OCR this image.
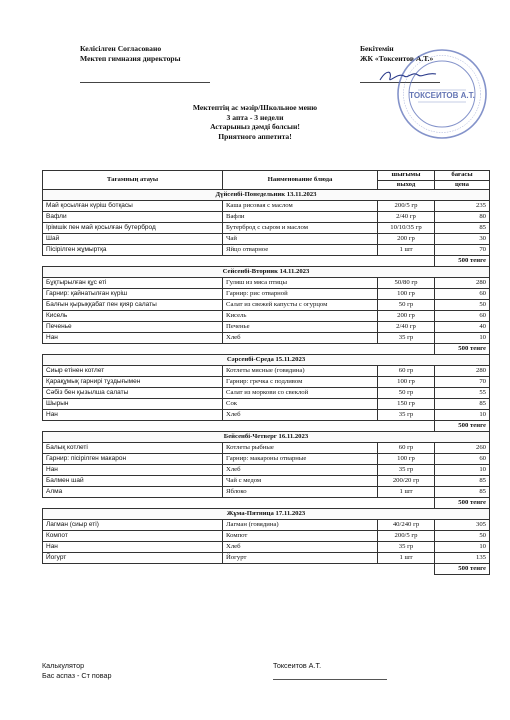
Келісілген Согласовано
Мектеп гимназия директоры
Бекітемін
ЖК «Токсеитов А.Т.»
ТОКСЕИТОВ А.Т.
Мектептің ас мәзір/Школьное меню
3 апта - 3 недели
Астарыныз дәмді болсын!
Приятного аппетита!
Тағамның атауы	Наименование блюда	шығымы	бағасы
		выход	цена
Дүйсенбі-Понедельник 13.11.2023			
Май қосылған күріш ботқасы	Каша рисовая с маслом	200/5 гр	235
Вафли	Вафли	2/40 гр	80
Ірімшік пен май қосылған бутерброд	Бутерброд с сыром и маслом	10/10/35 гр	85
Шай	Чай	200 гр	30
Пісірілген жұмыртқа	Яйцо отварное	1 шт	70
			500 тенге
Сейсенбі-Вторник 14.11.2023			
Бұқтырылған құс еті	Гуляш из мяса птицы	50/80 гр	280
Гарнир: қайнатылған күріш	Гарнир: рис отварной	100 гр	60
Балғын қырыққабат пен қияр салаты	Салат из свежей капусты с огурцом	50 гр	50
Кисель	Кисель	200 гр	60
Печенье	Печенье	2/40 гр	40
Нан	Хлеб	35 гр	10
			500 тенге
Сәрсенбі-Среда 15.11.2023			
Сиыр етінен котлет	Котлеты мясные (говядина)	60 гр	280
Қарақұмық гарнирі тұздығымен	Гарнир: гречка с подливом	100 гр	70
Сәбіз бен қызылша салаты	Салат из моркови со свеклой	50 гр	55
Шырын	Сок	150 гр	85
Нан	Хлеб	35 гр	10
			500 тенге
Бейсенбі-Четверг 16.11.2023			
Балық котлеті	Котлеты рыбные	60 гр	260
Гарнир: пісірілген макарон	Гарнир: макароны отварные	100 гр	60
Нан	Хлеб	35 гр	10
Балмен шай	Чай с медом	200/20 гр	85
Алма	Яблоко	1 шт	85
			500 тенге
Жұма-Пятница 17.11.2023			
Лагман (сиыр еті)	Лагман (говядина)	40/240 гр	305
Компот	Компот	200/5 гр	50
Нан	Хлеб	35 гр	10
Йогурт	Йогурт	1 шт	135
			500 тенге
Калькулятор
Бас аспаз - Ст повар
Токсеитов А.Т.
